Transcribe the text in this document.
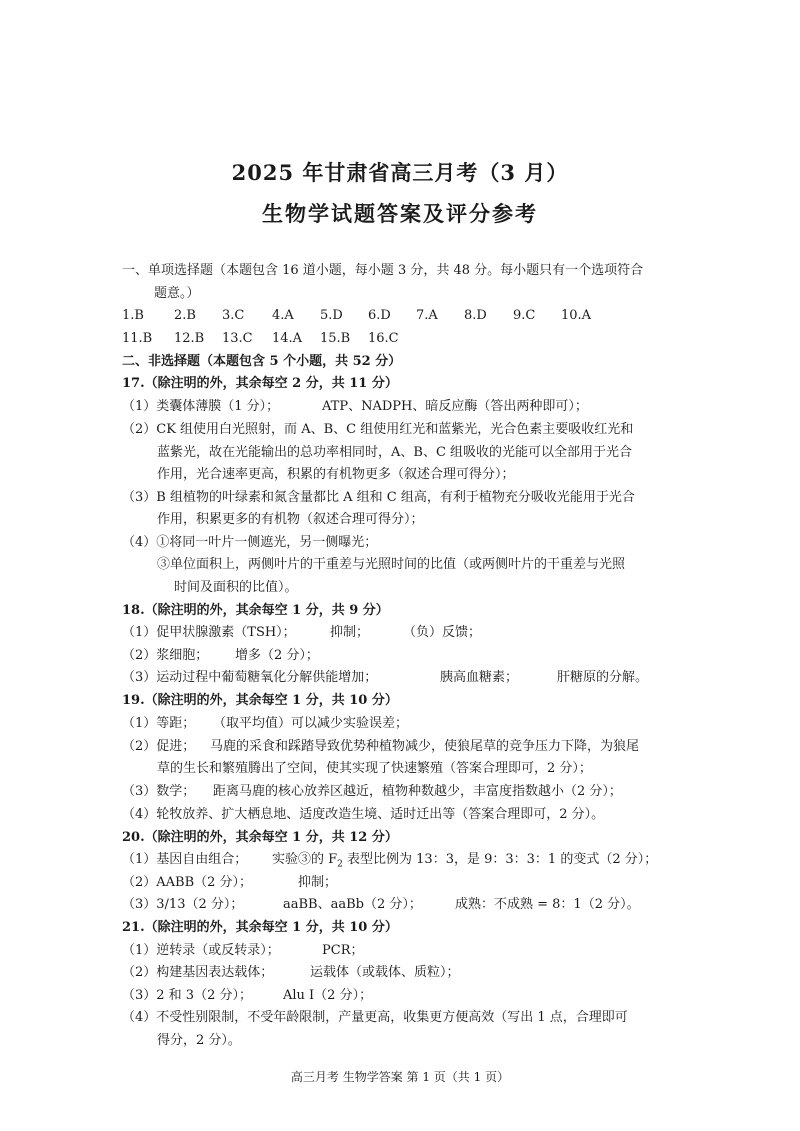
2025 年甘肃省高三月考（3 月）
生物学试题答案及评分参考
一、单项选择题（本题包含 16 道小题，每小题 3 分，共 48 分。每小题只有一个选项符合
题意。）
1.B 2.B 3.C 4.A 5.D 6.D 7.A 8.D 9.C 10.A
11.B 12.B 13.C 14.A 15.B 16.C
二、非选择题（本题包含 5 个小题，共 52 分）
17.（除注明的外，其余每空 2 分，共 11 分）
（1）类囊体薄膜（1 分）；	ATP、NADPH、暗反应酶（答出两种即可）；
（2）CK 组使用白光照射，而 A、B、C 组使用红光和蓝紫光，光合色素主要吸收红光和
蓝紫光，故在光能输出的总功率相同时，A、B、C 组吸收的光能可以全部用于光合
作用，光合速率更高，积累的有机物更多（叙述合理可得分）；
（3）B 组植物的叶绿素和氮含量都比 A 组和 C 组高，有利于植物充分吸收光能用于光合
作用，积累更多的有机物（叙述合理可得分）；
（4）①将同一叶片一侧遮光，另一侧曝光；
③单位面积上，两侧叶片的干重差与光照时间的比值（或两侧叶片的干重差与光照
时间及面积的比值）。
18.（除注明的外，其余每空 1 分，共 9 分）
（1）促甲状腺激素（TSH）；	抑制；	（负）反馈；
（2）浆细胞； 增多（2 分）；
（3）运动过程中葡萄糖氧化分解供能增加；	胰高血糖素；	肝糖原的分解。
19.（除注明的外，其余每空 1 分，共 10 分）
（1）等距； （取平均值）可以减少实验误差；
（2）促进； 马鹿的采食和踩踏导致优势种植物减少，使狼尾草的竞争压力下降，为狼尾
草的生长和繁殖腾出了空间，使其实现了快速繁殖（答案合理即可，2 分）；
（3）数学； 距离马鹿的核心放养区越近，植物种数越少，丰富度指数越小（2 分）；
（4）轮牧放养、扩大栖息地、适度改造生境、适时迁出等（答案合理即可，2 分）。
20.（除注明的外，其余每空 1 分，共 12 分）
（1）基因自由组合； 实验③的 $F_2$ 表型比例为 13：3，是 9：3：3：1 的变式（2 分）；
（2）AABB（2 分）；	抑制；
（3）3/13（2 分）；	aaBB、aaBb（2 分）；	成熟：不成熟 = 8：1（2 分）。
21.（除注明的外，其余每空 1 分，共 10 分）
（1）逆转录（或反转录）；	PCR；
（2）构建基因表达载体；	运载体（或载体、质粒）；
（3）2 和 3（2 分）； Alu Ⅰ（2 分）；
（4）不受性别限制，不受年龄限制，产量更高，收集更方便高效（写出 1 点，合理即可
得分，2 分）。
高三月考 生物学答案 第 1 页（共 1 页）
